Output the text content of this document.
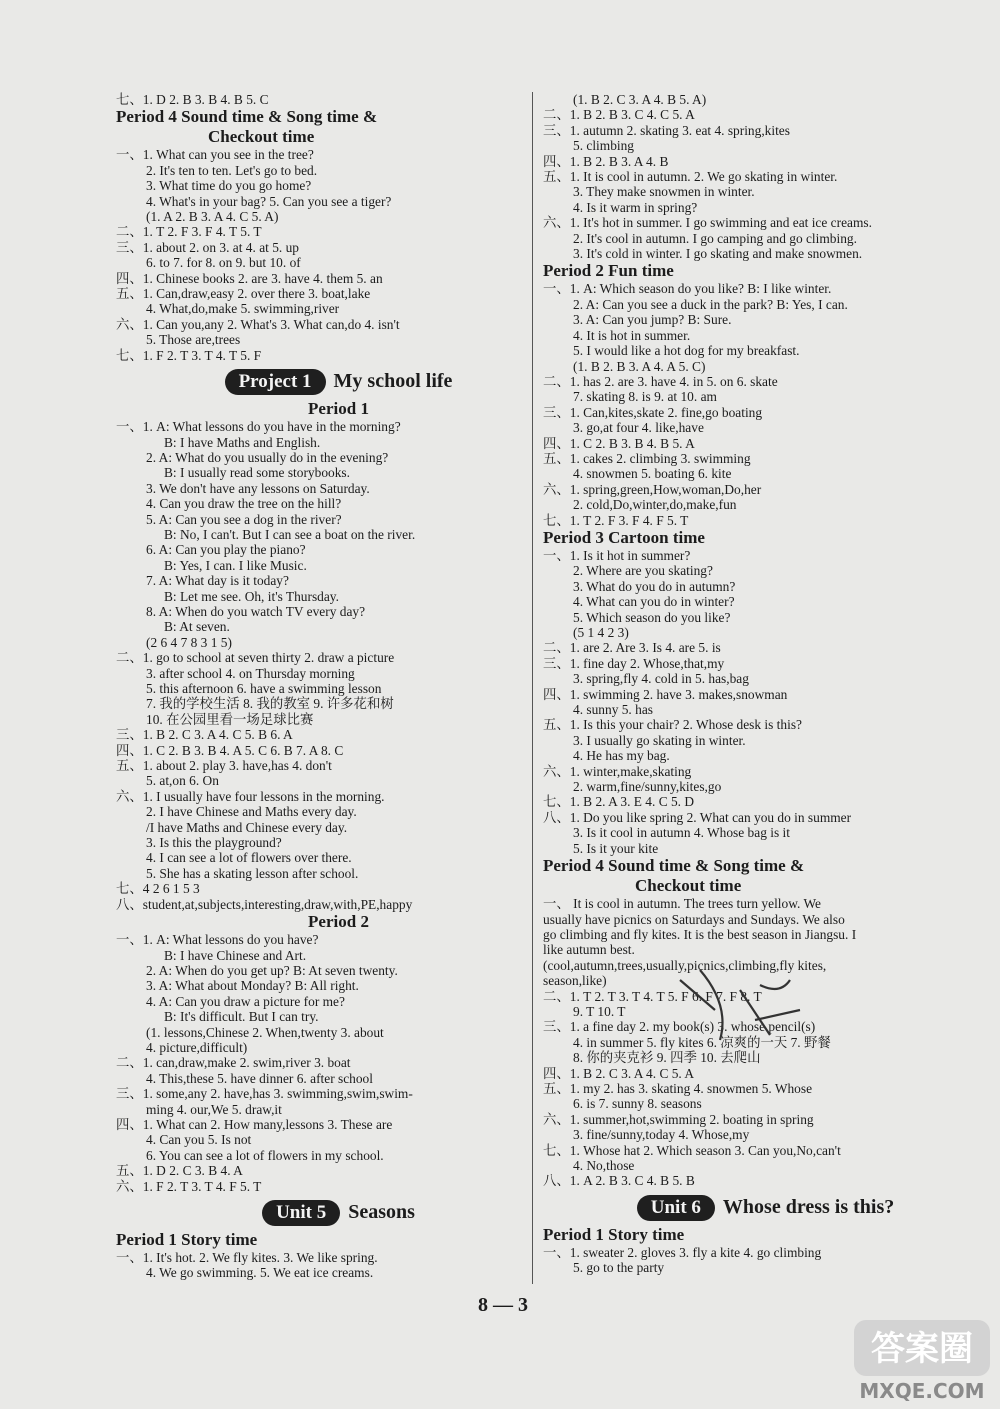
七、1. D 2. B 3. B 4. B 5. C
Period 4 Sound time & Song time &
Checkout time
一、1. What can you see in the tree?
2. It's ten to ten. Let's go to bed.
3. What time do you go home?
4. What's in your bag? 5. Can you see a tiger?
(1. A 2. B 3. A 4. C 5. A)
二、1. T 2. F 3. F 4. T 5. T
三、1. about 2. on 3. at 4. at 5. up
6. to 7. for 8. on 9. but 10. of
四、1. Chinese books 2. are 3. have 4. them 5. an
五、1. Can,draw,easy 2. over there 3. boat,lake
4. What,do,make 5. swimming,river
六、1. Can you,any 2. What's 3. What can,do 4. isn't
5. Those are,trees
七、1. F 2. T 3. T 4. T 5. F
Project 1	My school life
Period 1
一、1. A: What lessons do you have in the morning?
B: I have Maths and English.
2. A: What do you usually do in the evening?
B: I usually read some storybooks.
3. We don't have any lessons on Saturday.
4. Can you draw the tree on the hill?
5. A: Can you see a dog in the river?
B: No, I can't. But I can see a boat on the river.
6. A: Can you play the piano?
B: Yes, I can. I like Music.
7. A: What day is it today?
B: Let me see. Oh, it's Thursday.
8. A: When do you watch TV every day?
B: At seven.
(2 6 4 7 8 3 1 5)
二、1. go to school at seven thirty 2. draw a picture
3. after school 4. on Thursday morning
5. this afternoon 6. have a swimming lesson
7. 我的学校生活 8. 我的教室 9. 许多花和树
10. 在公园里看一场足球比赛
三、1. B 2. C 3. A 4. C 5. B 6. A
四、1. C 2. B 3. B 4. A 5. C 6. B 7. A 8. C
五、1. about 2. play 3. have,has 4. don't
5. at,on 6. On
六、1. I usually have four lessons in the morning.
2. I have Chinese and Maths every day.
/I have Maths and Chinese every day.
3. Is this the playground?
4. I can see a lot of flowers over there.
5. She has a skating lesson after school.
七、4 2 6 1 5 3
八、student,at,subjects,interesting,draw,with,PE,happy
Period 2
一、1. A: What lessons do you have?
B: I have Chinese and Art.
2. A: When do you get up? B: At seven twenty.
3. A: What about Monday? B: All right.
4. A: Can you draw a picture for me?
B: It's difficult. But I can try.
(1. lessons,Chinese 2. When,twenty 3. about
4. picture,difficult)
二、1. can,draw,make 2. swim,river 3. boat
4. This,these 5. have dinner 6. after school
三、1. some,any 2. have,has 3. swimming,swim,swim-
ming 4. our,We 5. draw,it
四、1. What can 2. How many,lessons 3. These are
4. Can you 5. Is not
6. You can see a lot of flowers in my school.
五、1. D 2. C 3. B 4. A
六、1. F 2. T 3. T 4. F 5. T
Unit 5	Seasons
Period 1 Story time
一、1. It's hot. 2. We fly kites. 3. We like spring.
4. We go swimming. 5. We eat ice creams.
(1. B 2. C 3. A 4. B 5. A)
二、1. B 2. B 3. C 4. C 5. A
三、1. autumn 2. skating 3. eat 4. spring,kites
5. climbing
四、1. B 2. B 3. A 4. B
五、1. It is cool in autumn. 2. We go skating in winter.
3. They make snowmen in winter.
4. Is it warm in spring?
六、1. It's hot in summer. I go swimming and eat ice creams.
2. It's cool in autumn. I go camping and go climbing.
3. It's cold in winter. I go skating and make snowmen.
Period 2 Fun time
一、1. A: Which season do you like? B: I like winter.
2. A: Can you see a duck in the park? B: Yes, I can.
3. A: Can you jump? B: Sure.
4. It is hot in summer.
5. I would like a hot dog for my breakfast.
(1. B 2. B 3. A 4. A 5. C)
二、1. has 2. are 3. have 4. in 5. on 6. skate
7. skating 8. is 9. at 10. am
三、1. Can,kites,skate 2. fine,go boating
3. go,at four 4. like,have
四、1. C 2. B 3. B 4. B 5. A
五、1. cakes 2. climbing 3. swimming
4. snowmen 5. boating 6. kite
六、1. spring,green,How,woman,Do,her
2. cold,Do,winter,do,make,fun
七、1. T 2. F 3. F 4. F 5. T
Period 3 Cartoon time
一、1. Is it hot in summer?
2. Where are you skating?
3. What do you do in autumn?
4. What can you do in winter?
5. Which season do you like?
(5 1 4 2 3)
二、1. are 2. Are 3. Is 4. are 5. is
三、1. fine day 2. Whose,that,my
3. spring,fly 4. cold in 5. has,bag
四、1. swimming 2. have 3. makes,snowman
4. sunny 5. has
五、1. Is this your chair? 2. Whose desk is this?
3. I usually go skating in winter.
4. He has my bag.
六、1. winter,make,skating
2. warm,fine/sunny,kites,go
七、1. B 2. A 3. E 4. C 5. D
八、1. Do you like spring 2. What can you do in summer
3. Is it cool in autumn 4. Whose bag is it
5. Is it your kite
Period 4 Sound time & Song time &
Checkout time
一、 It is cool in autumn. The trees turn yellow. We
usually have picnics on Saturdays and Sundays. We also
go climbing and fly kites. It is the best season in Jiangsu. I
like autumn best.
(cool,autumn,trees,usually,picnics,climbing,fly kites,
season,like)
二、1. T 2. T 3. T 4. T 5. F 6. F 7. F 8. T
9. T 10. T
三、1. a fine day 2. my book(s) 3. whose pencil(s)
4. in summer 5. fly kites 6. 凉爽的一天 7. 野餐
8. 你的夹克衫 9. 四季 10. 去爬山
四、1. B 2. C 3. A 4. C 5. A
五、1. my 2. has 3. skating 4. snowmen 5. Whose
6. is 7. sunny 8. seasons
六、1. summer,hot,swimming 2. boating in spring
3. fine/sunny,today 4. Whose,my
七、1. Whose hat 2. Which season 3. Can you,No,can't
4. No,those
八、1. A 2. B 3. C 4. B 5. B
Unit 6	Whose dress is this?
Period 1 Story time
一、1. sweater 2. gloves 3. fly a kite 4. go climbing
5. go to the party
8 — 3
答案圈
MXQE.COM
